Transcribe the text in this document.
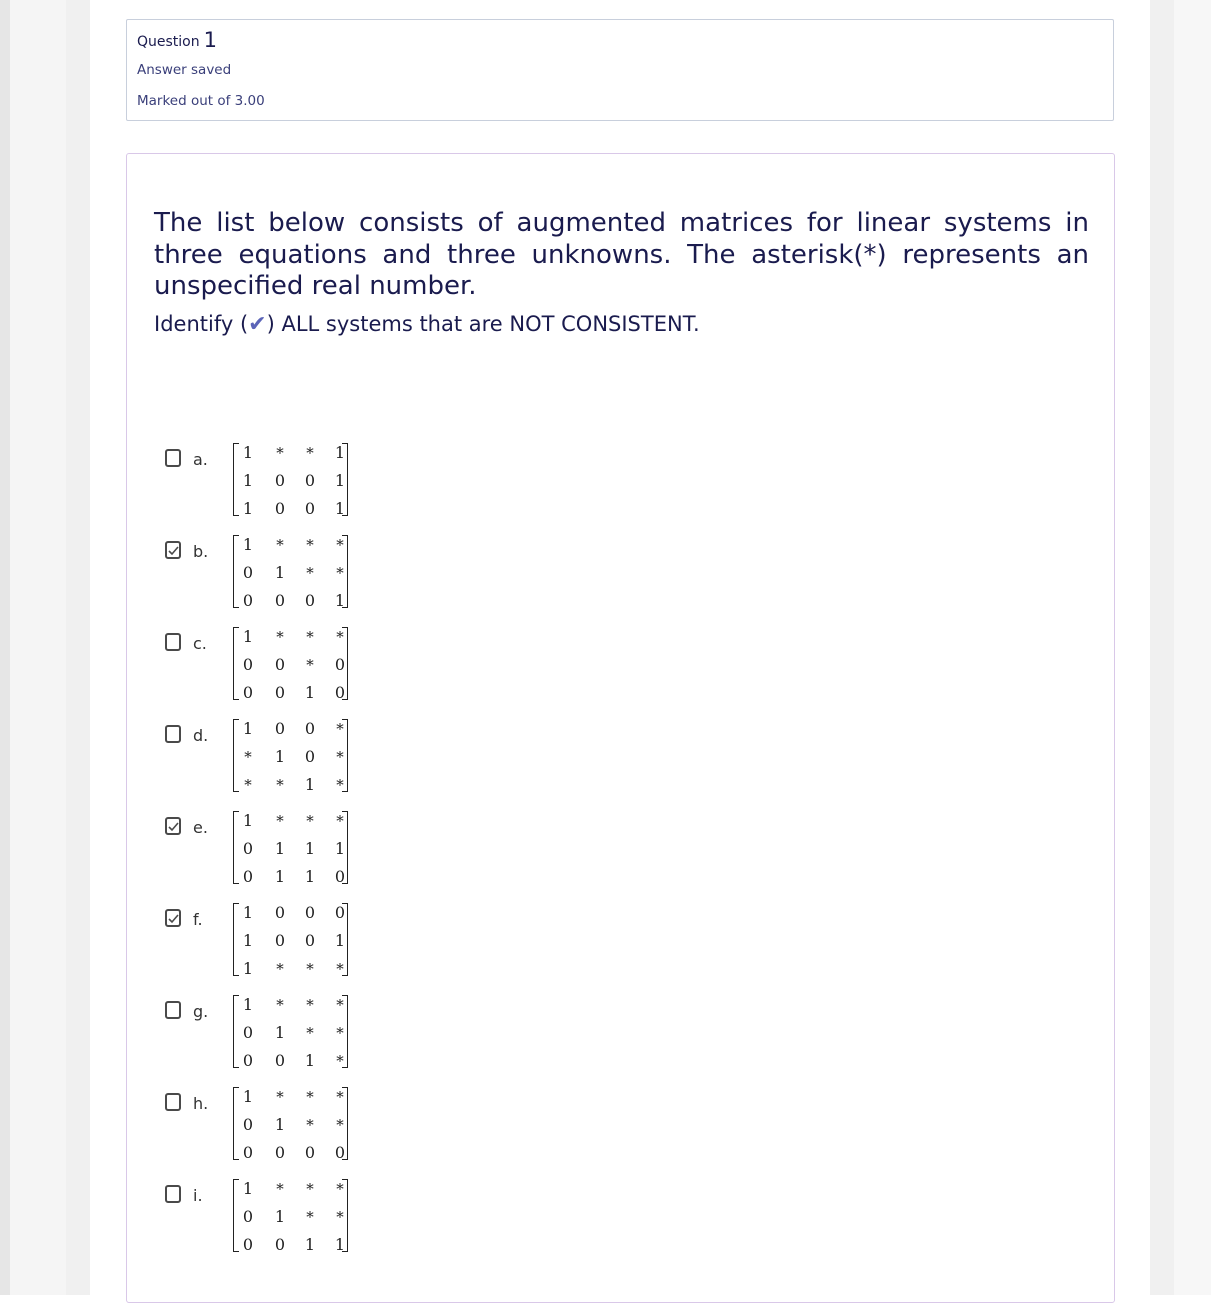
Question 1
Answer saved
Marked out of 3.00
The list below consists of augmented matrices for linear systems in three equations and three unknowns. The asterisk(*) represents an unspecified real number.
Identify (✔) ALL systems that are NOT CONSISTENT.
a.	1	*	*	1
1	0	0	1
1	0	0	1
b.	1	*	*	*
0	1	*	*
0	0	0	1
c.	1	*	*	*
0	0	*	0
0	0	1	0
d.	1	0	0	*
*	1	0	*
*	*	1	*
e.	1	*	*	*
0	1	1	1
0	1	1	0
f.	1	0	0	0
1	0	0	1
1	*	*	*
g.	1	*	*	*
0	1	*	*
0	0	1	*
h.	1	*	*	*
0	1	*	*
0	0	0	0
i.	1	*	*	*
0	1	*	*
0	0	1	1
